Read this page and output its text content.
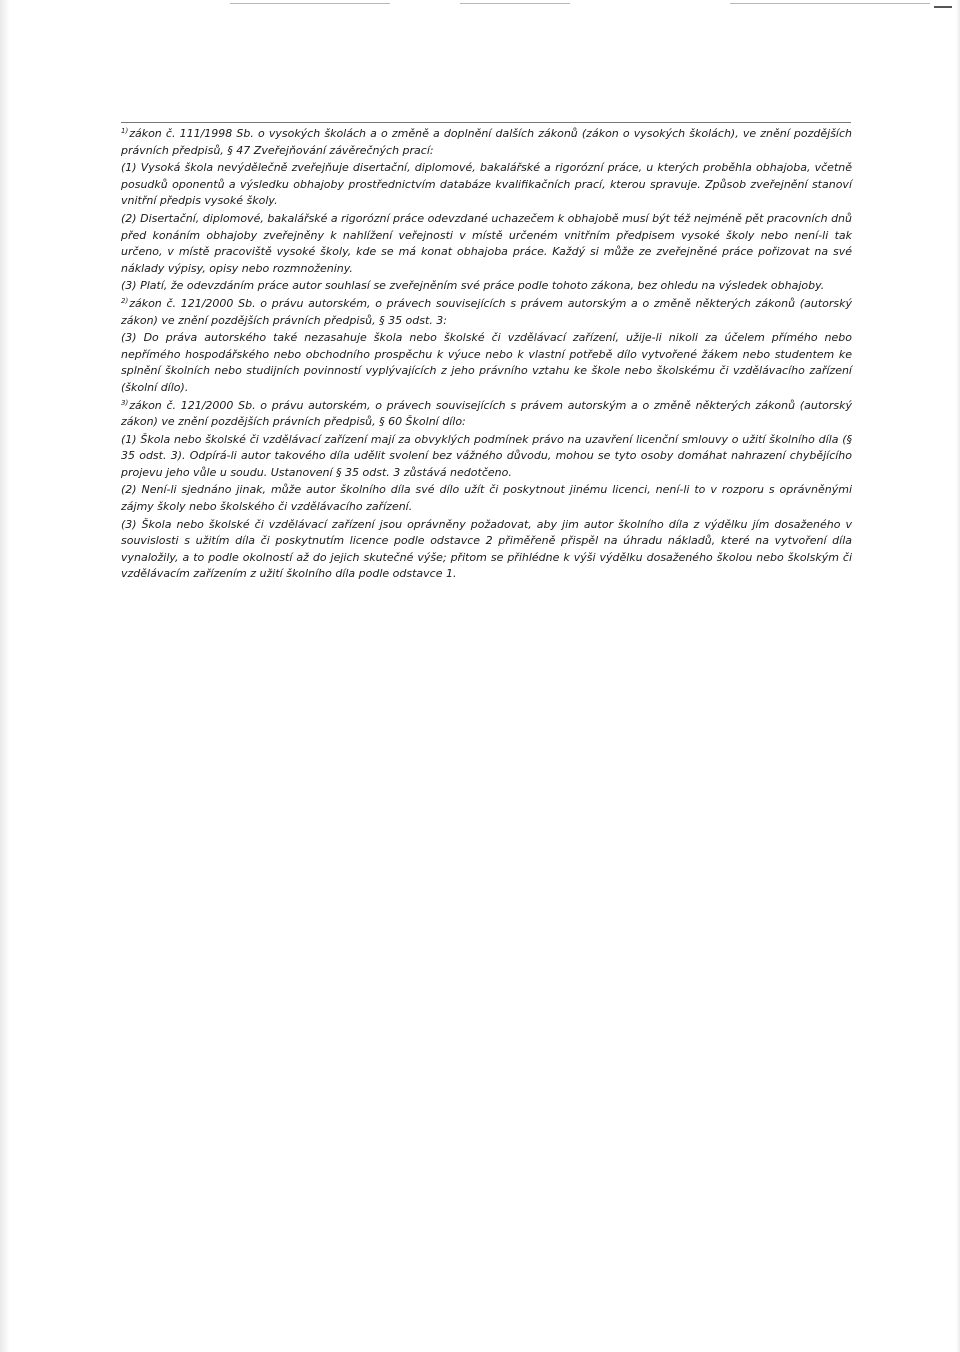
$^{1)}$zákon č. 111/1998 Sb. o vysokých školách a o změně a doplnění dalších zákonů (zákon o vysokých školách), ve znění pozdějších právních předpisů, § 47 Zveřejňování závěrečných prací:

(1) Vysoká škola nevýdělečně zveřejňuje disertační, diplomové, bakalářské a rigorózní práce, u kterých proběhla obhajoba, včetně posudků oponentů a výsledku obhajoby prostřednictvím databáze kvalifikačních prací, kterou spravuje. Způsob zveřejnění stanoví vnitřní předpis vysoké školy.

(2) Disertační, diplomové, bakalářské a rigorózní práce odevzdané uchazečem k obhajobě musí být též nejméně pět pracovních dnů před konáním obhajoby zveřejněny k nahlížení veřejnosti v místě určeném vnitřním předpisem vysoké školy nebo není-li tak určeno, v místě pracoviště vysoké školy, kde se má konat obhajoba práce. Každý si může ze zveřejněné práce pořizovat na své náklady výpisy, opisy nebo rozmnoženiny.

(3) Platí, že odevzdáním práce autor souhlasí se zveřejněním své práce podle tohoto zákona, bez ohledu na výsledek obhajoby.

$^{2)}$zákon č. 121/2000 Sb. o právu autorském, o právech souvisejících s právem autorským a o změně některých zákonů (autorský zákon) ve znění pozdějších právních předpisů, § 35 odst. 3:

(3) Do práva autorského také nezasahuje škola nebo školské či vzdělávací zařízení, užije-li nikoli za účelem přímého nebo nepřímého hospodářského nebo obchodního prospěchu k výuce nebo k vlastní potřebě dílo vytvořené žákem nebo studentem ke splnění školních nebo studijních povinností vyplývajících z jeho právního vztahu ke škole nebo školskému či vzdělávacího zařízení (školní dílo).

$^{3)}$zákon č. 121/2000 Sb. o právu autorském, o právech souvisejících s právem autorským a o změně některých zákonů (autorský zákon) ve znění pozdějších právních předpisů, § 60 Školní dílo:

(1) Škola nebo školské či vzdělávací zařízení mají za obvyklých podmínek právo na uzavření licenční smlouvy o užití školního díla (§ 35 odst. 3). Odpírá-li autor takového díla udělit svolení bez vážného důvodu, mohou se tyto osoby domáhat nahrazení chybějícího projevu jeho vůle u soudu. Ustanovení § 35 odst. 3 zůstává nedotčeno.

(2) Není-li sjednáno jinak, může autor školního díla své dílo užít či poskytnout jinému licenci, není-li to v rozporu s oprávněnými zájmy školy nebo školského či vzdělávacího zařízení.

(3) Škola nebo školské či vzdělávací zařízení jsou oprávněny požadovat, aby jim autor školního díla z výdělku jím dosaženého v souvislosti s užitím díla či poskytnutím licence podle odstavce 2 přiměřeně přispěl na úhradu nákladů, které na vytvoření díla vynaložily, a to podle okolností až do jejich skutečné výše; přitom se přihlédne k výši výdělku dosaženého školou nebo školským či vzdělávacím zařízením z užití školního díla podle odstavce 1.
